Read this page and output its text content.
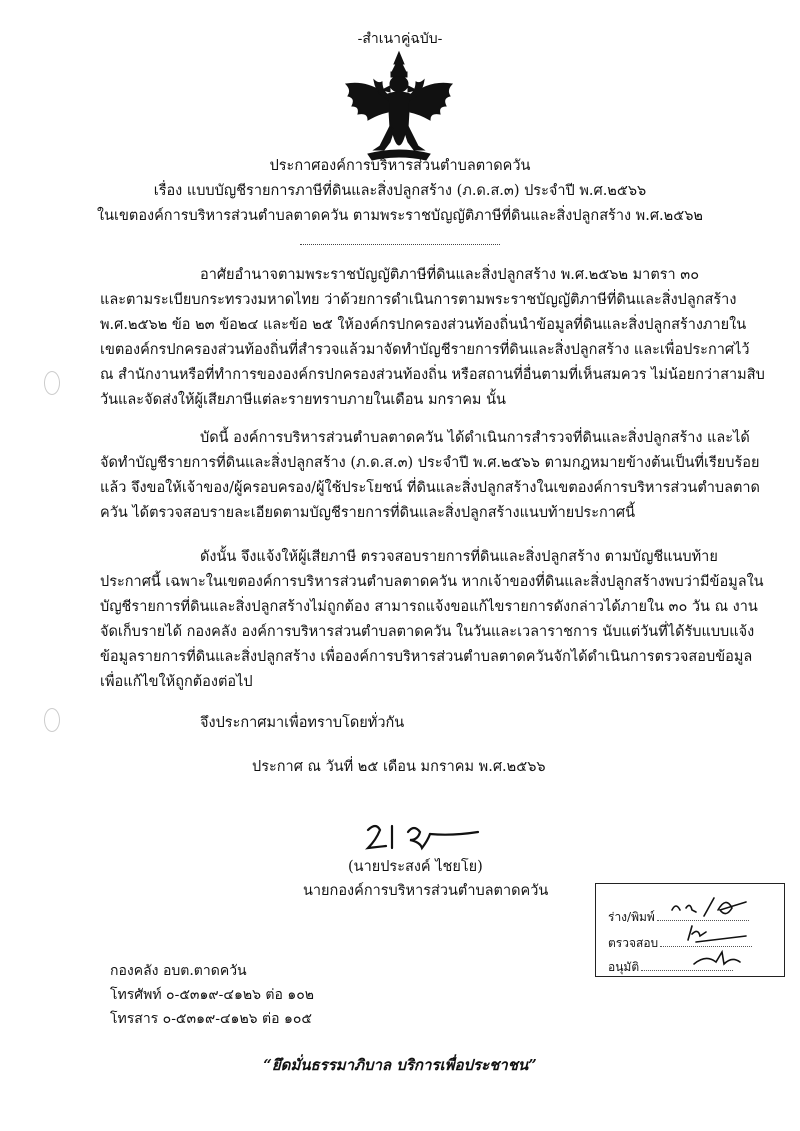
-สำเนาคู่ฉบับ-
ประกาศองค์การบริหารส่วนตำบลตาดควัน
เรื่อง แบบบัญชีรายการภาษีที่ดินและสิ่งปลูกสร้าง (ภ.ด.ส.๓) ประจำปี พ.ศ.๒๕๖๖
ในเขตองค์การบริหารส่วนตำบลตาดควัน ตามพระราชบัญญัติภาษีที่ดินและสิ่งปลูกสร้าง พ.ศ.๒๕๖๒
อาศัยอำนาจตามพระราชบัญญัติภาษีที่ดินและสิ่งปลูกสร้าง พ.ศ.๒๕๖๒ มาตรา ๓๐
และตามระเบียบกระทรวงมหาดไทย ว่าด้วยการดำเนินการตามพระราชบัญญัติภาษีที่ดินและสิ่งปลูกสร้าง
พ.ศ.๒๕๖๒ ข้อ ๒๓ ข้อ๒๔ และข้อ ๒๕ ให้องค์กรปกครองส่วนท้องถิ่นนำข้อมูลที่ดินและสิ่งปลูกสร้างภายใน
เขตองค์กรปกครองส่วนท้องถิ่นที่สำรวจแล้วมาจัดทำบัญชีรายการที่ดินและสิ่งปลูกสร้าง และเพื่อประกาศไว้
ณ สำนักงานหรือที่ทำการขององค์กรปกครองส่วนท้องถิ่น หรือสถานที่อื่นตามที่เห็นสมควร ไม่น้อยกว่าสามสิบ
วันและจัดส่งให้ผู้เสียภาษีแต่ละรายทราบภายในเดือน มกราคม นั้น
บัดนี้ องค์การบริหารส่วนตำบลตาดควัน ได้ดำเนินการสำรวจที่ดินและสิ่งปลูกสร้าง และได้
จัดทำบัญชีรายการที่ดินและสิ่งปลูกสร้าง (ภ.ด.ส.๓) ประจำปี พ.ศ.๒๕๖๖ ตามกฎหมายข้างต้นเป็นที่เรียบร้อย
แล้ว จึงขอให้เจ้าของ/ผู้ครอบครอง/ผู้ใช้ประโยชน์ ที่ดินและสิ่งปลูกสร้างในเขตองค์การบริหารส่วนตำบลตาด
ควัน ได้ตรวจสอบรายละเอียดตามบัญชีรายการที่ดินและสิ่งปลูกสร้างแนบท้ายประกาศนี้
ดังนั้น จึงแจ้งให้ผู้เสียภาษี ตรวจสอบรายการที่ดินและสิ่งปลูกสร้าง ตามบัญชีแนบท้าย
ประกาศนี้ เฉพาะในเขตองค์การบริหารส่วนตำบลตาดควัน หากเจ้าของที่ดินและสิ่งปลูกสร้างพบว่ามีข้อมูลใน
บัญชีรายการที่ดินและสิ่งปลูกสร้างไม่ถูกต้อง สามารถแจ้งขอแก้ไขรายการดังกล่าวได้ภายใน ๓๐ วัน ณ งาน
จัดเก็บรายได้ กองคลัง องค์การบริหารส่วนตำบลตาดควัน ในวันและเวลาราชการ นับแต่วันที่ได้รับแบบแจ้ง
ข้อมูลรายการที่ดินและสิ่งปลูกสร้าง เพื่อองค์การบริหารส่วนตำบลตาดควันจักได้ดำเนินการตรวจสอบข้อมูล
เพื่อแก้ไขให้ถูกต้องต่อไป
จึงประกาศมาเพื่อทราบโดยทั่วกัน
ประกาศ ณ วันที่ ๒๕ เดือน มกราคม พ.ศ.๒๕๖๖
(นายประสงค์ ไชยโย)
นายกองค์การบริหารส่วนตำบลตาดควัน
ร่าง/พิมพ์
ตรวจสอบ
อนุมัติ
กองคลัง อบต.ตาดควัน
โทรศัพท์ ๐-๕๓๑๙-๔๑๒๖ ต่อ ๑๐๒
โทรสาร ๐-๕๓๑๙-๔๑๒๖ ต่อ ๑๐๕
“ยึดมั่นธรรมาภิบาล บริการเพื่อประชาชน”
